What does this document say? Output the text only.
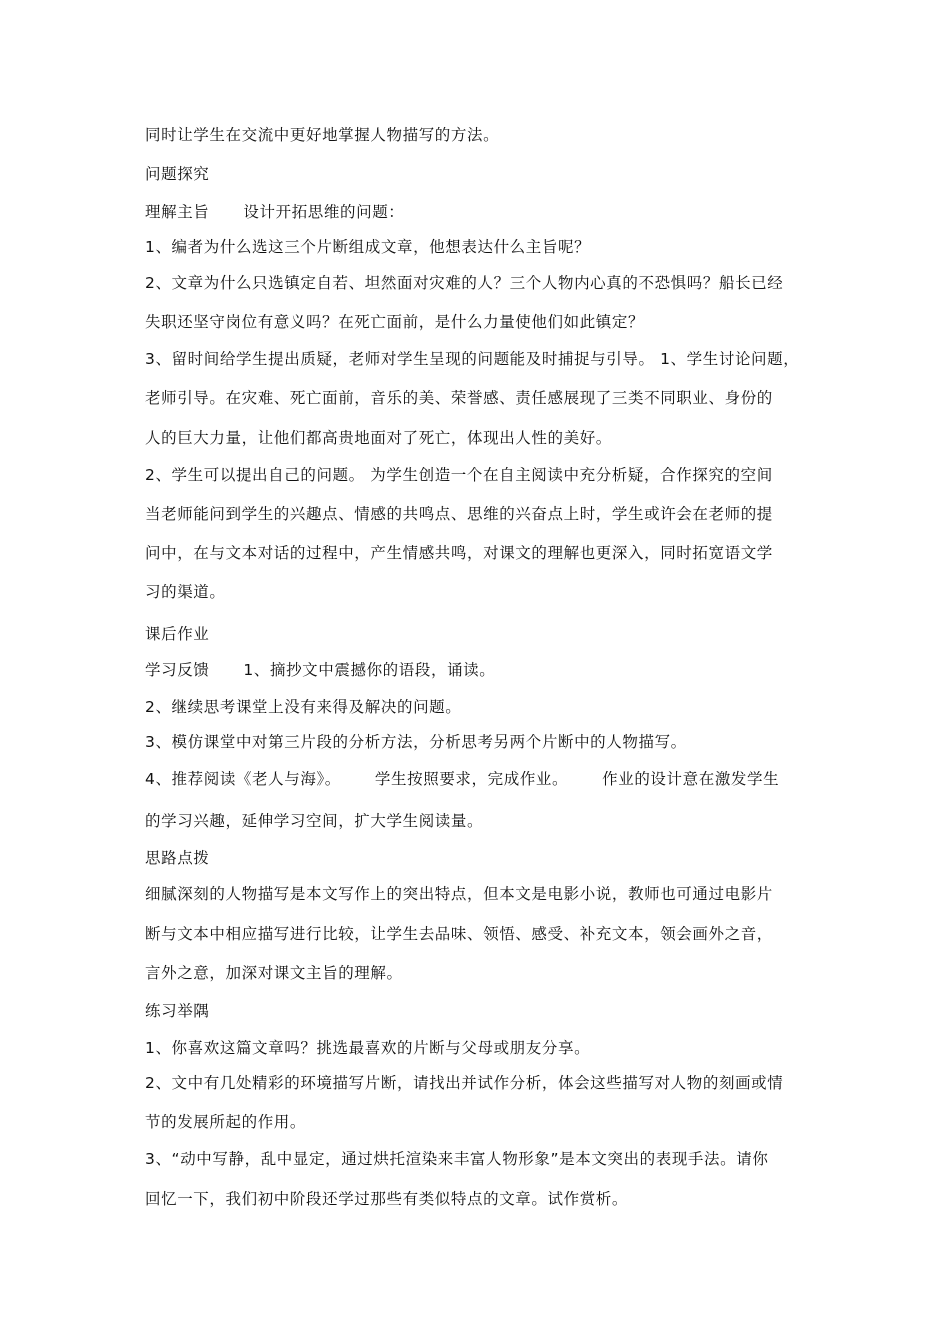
同时让学生在交流中更好地掌握人物描写的方法。
问题探究
理解主旨 设计开拓思维的问题：
1、编者为什么选这三个片断组成文章，他想表达什么主旨呢？
2、文章为什么只选镇定自若、坦然面对灾难的人？三个人物内心真的不恐惧吗？船长已经
失职还坚守岗位有意义吗？在死亡面前，是什么力量使他们如此镇定？
3、留时间给学生提出质疑，老师对学生呈现的问题能及时捕捉与引导。 1、学生讨论问题，
老师引导。在灾难、死亡面前，音乐的美、荣誉感、责任感展现了三类不同职业、身份的
人的巨大力量，让他们都高贵地面对了死亡，体现出人性的美好。
2、学生可以提出自己的问题。 为学生创造一个在自主阅读中充分析疑，合作探究的空间
当老师能问到学生的兴趣点、情感的共鸣点、思维的兴奋点上时，学生或许会在老师的提
问中，在与文本对话的过程中，产生情感共鸣，对课文的理解也更深入，同时拓宽语文学
习的渠道。
课后作业
学习反馈 1、摘抄文中震撼你的语段，诵读。
2、继续思考课堂上没有来得及解决的问题。
3、模仿课堂中对第三片段的分析方法，分析思考另两个片断中的人物描写。
4、推荐阅读《老人与海》。 学生按照要求，完成作业。 作业的设计意在激发学生
的学习兴趣，延伸学习空间，扩大学生阅读量。
思路点拨
细腻深刻的人物描写是本文写作上的突出特点，但本文是电影小说，教师也可通过电影片
断与文本中相应描写进行比较，让学生去品味、领悟、感受、补充文本，领会画外之音，
言外之意，加深对课文主旨的理解。
练习举隅
1、你喜欢这篇文章吗？挑选最喜欢的片断与父母或朋友分享。
2、文中有几处精彩的环境描写片断，请找出并试作分析，体会这些描写对人物的刻画或情
节的发展所起的作用。
3、“动中写静，乱中显定，通过烘托渲染来丰富人物形象”是本文突出的表现手法。请你
回忆一下，我们初中阶段还学过那些有类似特点的文章。试作赏析。
